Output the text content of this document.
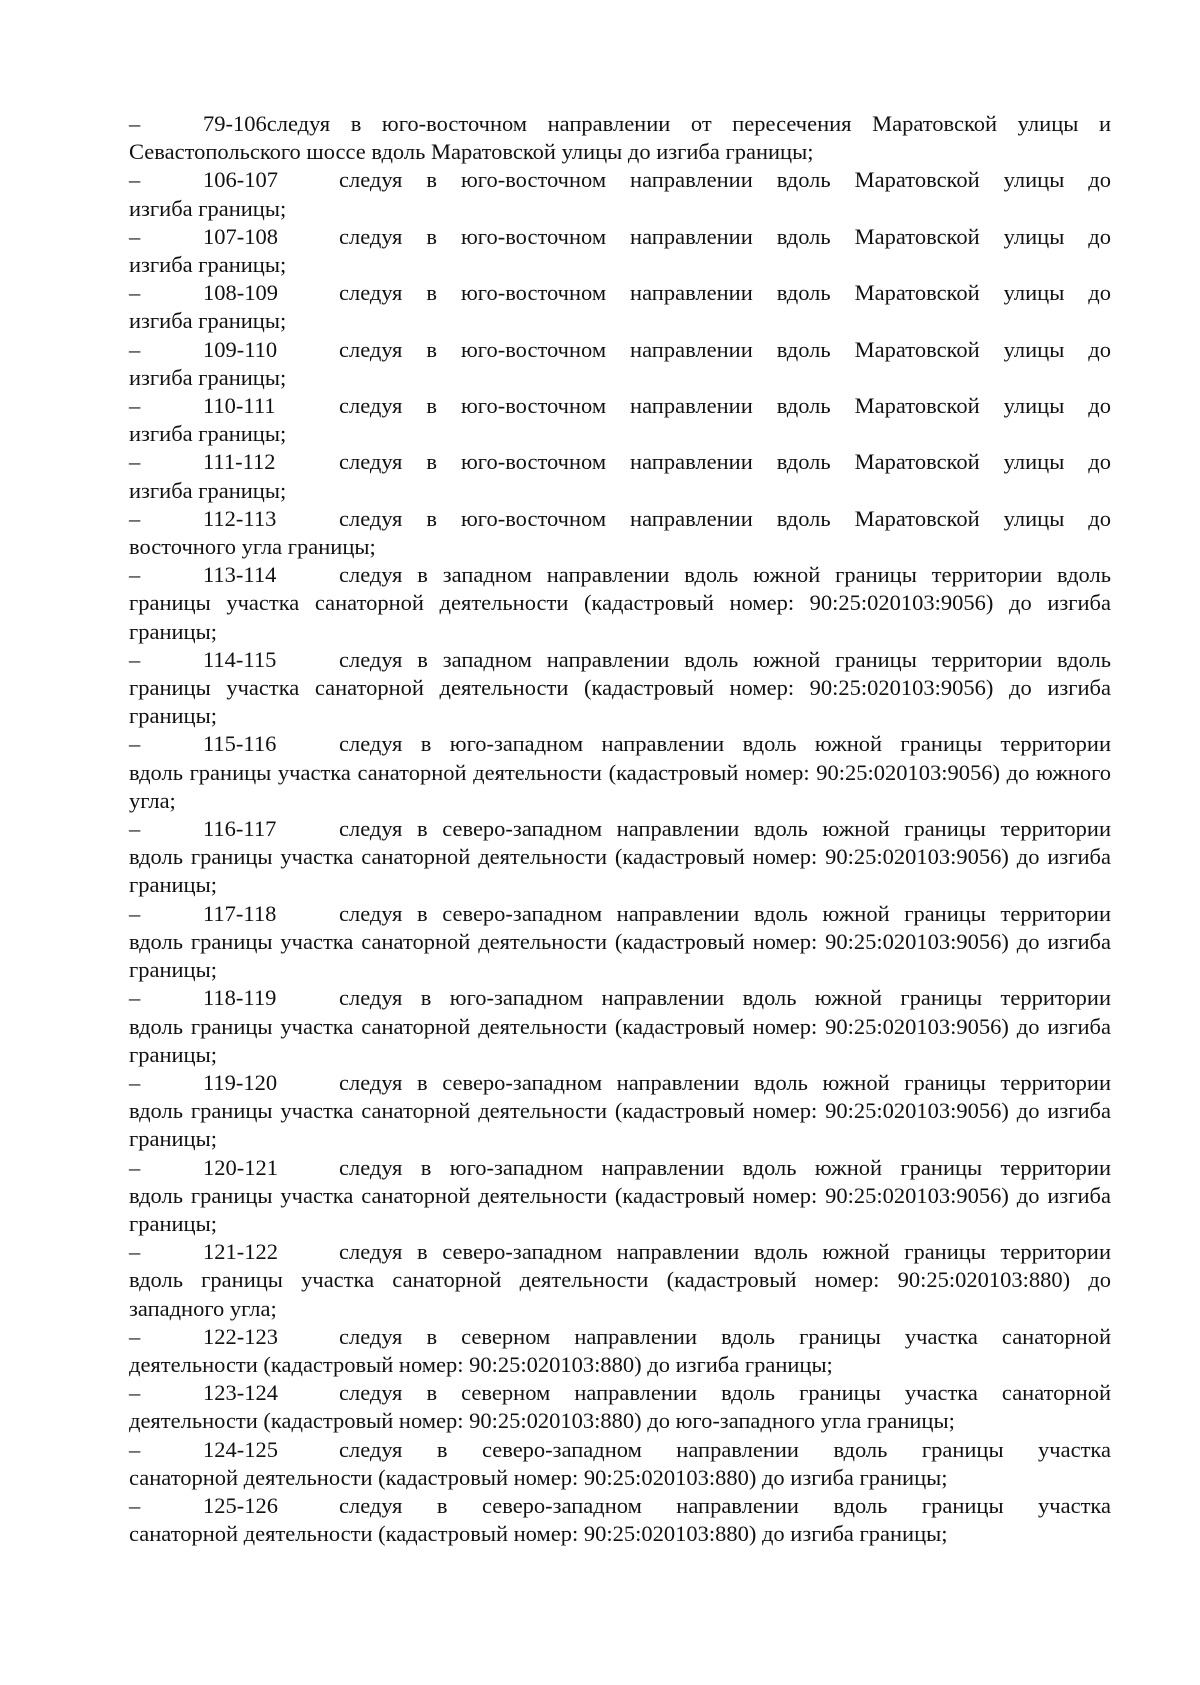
–	79-106 следуя в юго-восточном направлении от пересечения Маратовской улицы и
Севастопольского шоссе вдоль Маратовской улицы до изгиба границы;
–	106-107	следуя в юго-восточном направлении вдоль Маратовской улицы до
изгиба границы;
–	107-108	следуя в юго-восточном направлении вдоль Маратовской улицы до
изгиба границы;
–	108-109	следуя в юго-восточном направлении вдоль Маратовской улицы до
изгиба границы;
–	109-110	следуя в юго-восточном направлении вдоль Маратовской улицы до
изгиба границы;
–	110-111	следуя в юго-восточном направлении вдоль Маратовской улицы до
изгиба границы;
–	111-112	следуя в юго-восточном направлении вдоль Маратовской улицы до
изгиба границы;
–	112-113	следуя в юго-восточном направлении вдоль Маратовской улицы до
восточного угла границы;
–	113-114	следуя в западном направлении вдоль южной границы территории вдоль
границы участка санаторной деятельности (кадастровый номер: 90:25:020103:9056) до изгиба границы;
–	114-115	следуя в западном направлении вдоль южной границы территории вдоль
границы участка санаторной деятельности (кадастровый номер: 90:25:020103:9056) до изгиба границы;
–	115-116	следуя в юго-западном направлении вдоль южной границы территории
вдоль границы участка санаторной деятельности (кадастровый номер: 90:25:020103:9056) до южного угла;
–	116-117	следуя в северо-западном направлении вдоль южной границы территории
вдоль границы участка санаторной деятельности (кадастровый номер: 90:25:020103:9056) до изгиба границы;
–	117-118	следуя в северо-западном направлении вдоль южной границы территории
вдоль границы участка санаторной деятельности (кадастровый номер: 90:25:020103:9056) до изгиба границы;
–	118-119	следуя в юго-западном направлении вдоль южной границы территории
вдоль границы участка санаторной деятельности (кадастровый номер: 90:25:020103:9056) до изгиба границы;
–	119-120	следуя в северо-западном направлении вдоль южной границы территории
вдоль границы участка санаторной деятельности (кадастровый номер: 90:25:020103:9056) до изгиба границы;
–	120-121	следуя в юго-западном направлении вдоль южной границы территории
вдоль границы участка санаторной деятельности (кадастровый номер: 90:25:020103:9056) до изгиба границы;
–	121-122	следуя в северо-западном направлении вдоль южной границы территории
вдоль границы участка санаторной деятельности (кадастровый номер: 90:25:020103:880) до западного угла;
–	122-123	следуя в северном направлении вдоль границы участка санаторной
деятельности (кадастровый номер: 90:25:020103:880) до изгиба границы;
–	123-124	следуя в северном направлении вдоль границы участка санаторной
деятельности (кадастровый номер: 90:25:020103:880) до юго-западного угла границы;
–	124-125	следуя в северо-западном направлении вдоль границы участка
санаторной деятельности (кадастровый номер: 90:25:020103:880) до изгиба границы;
–	125-126	следуя в северо-западном направлении вдоль границы участка
санаторной деятельности (кадастровый номер: 90:25:020103:880) до изгиба границы;
